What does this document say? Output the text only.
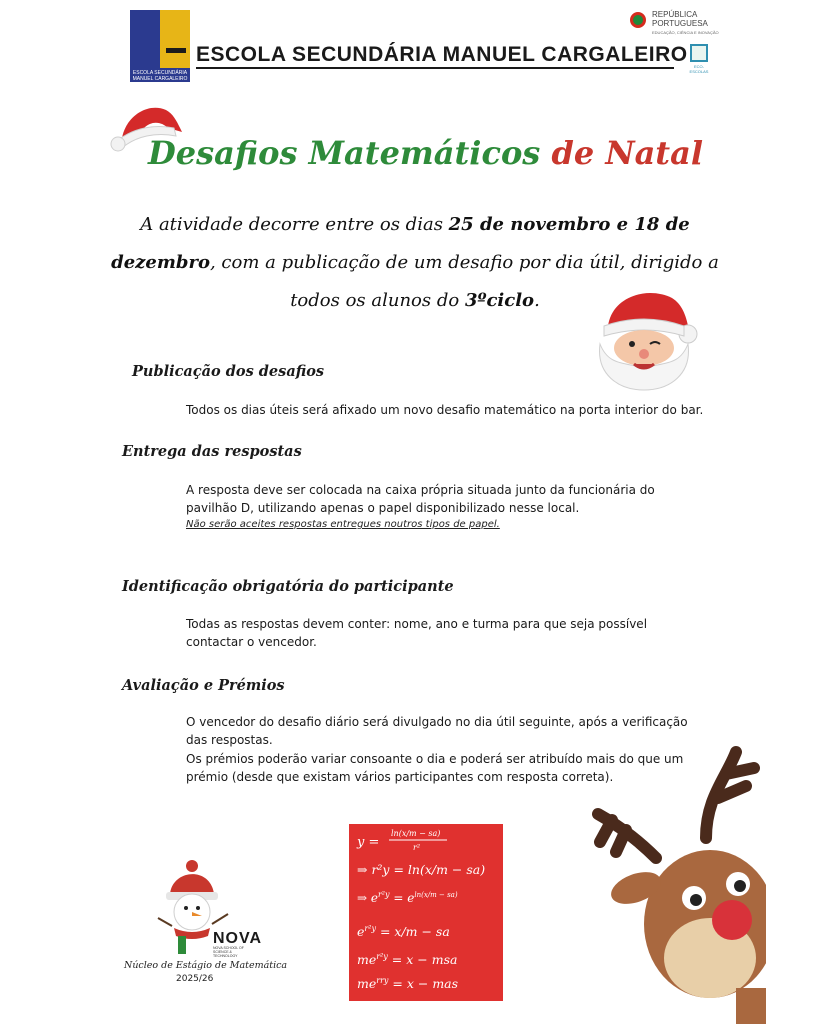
ESCOLA SECUNDÁRIA MANUEL CARGALEIRO
ESCOLA SECUNDÁRIA MANUEL CARGALEIRO
REPÚBLICA
PORTUGUESA
EDUCAÇÃO, CIÊNCIA E INOVAÇÃO
ECO-ESCOLAS
Desafios Matemáticos de Natal
A atividade decorre entre os dias 25 de novembro e 18 de dezembro, com a publicação de um desafio por dia útil, dirigido a todos os alunos do 3ºciclo.
Publicação dos desafios
Todos os dias úteis será afixado um novo desafio matemático na porta interior do bar.
Entrega das respostas
A resposta deve ser colocada na caixa própria situada junto da funcionária do pavilhão D, utilizando apenas o papel disponibilizado nesse local.
Não serão aceites respostas entregues noutros tipos de papel.
Identificação obrigatória do participante
Todas as respostas devem conter: nome, ano e turma para que seja possível contactar o vencedor.
Avaliação e Prémios
O vencedor do desafio diário será divulgado no dia útil seguinte, após a verificação das respostas.
Os prémios poderão variar consoante o dia e poderá ser atribuído mais do que um prémio (desde que existam vários participantes com resposta correta).
y =
ln(x/m − sa)
r²
⇒ r²y = ln(x/m − sa)
⇒ $e^{r^2y} = e^{ln(x/m - sa)}$
$e^{r^2y} = x/m$ − sa
$me^{r^2y} = x$ − msa
$me^{rry} = x$ − mas
NOVA
NOVA SCHOOL OF SCIENCE & TECHNOLOGY
Núcleo de Estágio de Matemática
2025/26
